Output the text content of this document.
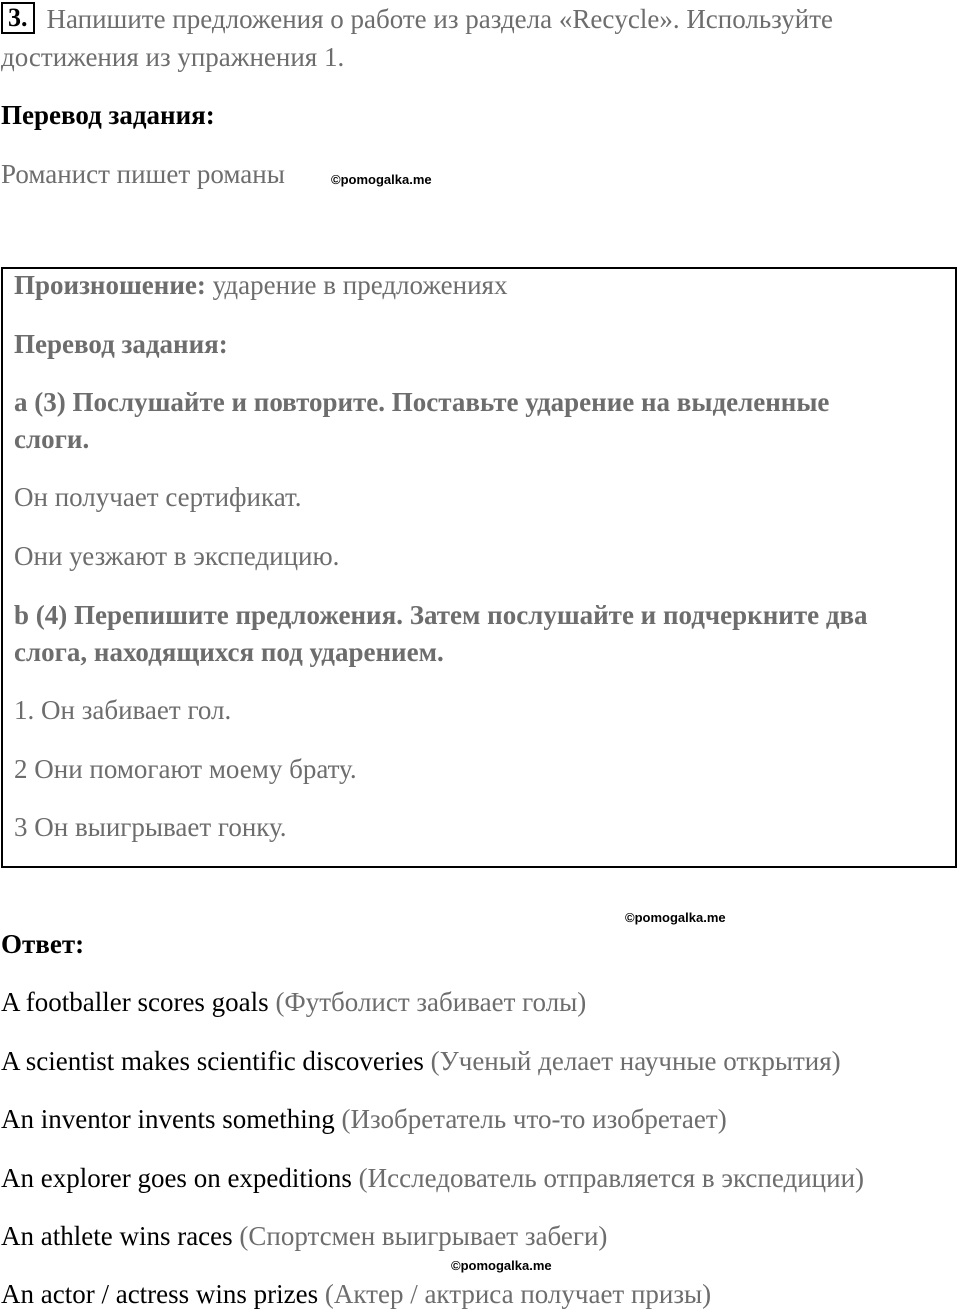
3. Напишите предложения о работе из раздела «Recycle». Используйте
достижения из упражнения 1.
Перевод задания:
Романист пишет романы	©pomogalka.me
Произношение: ударение в предложениях
Перевод задания:
a (3) Послушайте и повторите. Поставьте ударение на выделенные
слоги.
Он получает сертификат.
Они уезжают в экспедицию.
b (4) Перепишите предложения. Затем послушайте и подчеркните два
слога, находящихся под ударением.
1. Он забивает гол.
2 Они помогают моему брату.
3 Он выигрывает гонку.
©pomogalka.me
Ответ:
A footballer scores goals (Футболист забивает голы)
A scientist makes scientific discoveries (Ученый делает научные открытия)
An inventor invents something (Изобретатель что-то изобретает)
An explorer goes on expeditions (Исследователь отправляется в экспедиции)
An athlete wins races (Спортсмен выигрывает забеги)
©pomogalka.me
An actor / actress wins prizes (Актер / актриса получает призы)
